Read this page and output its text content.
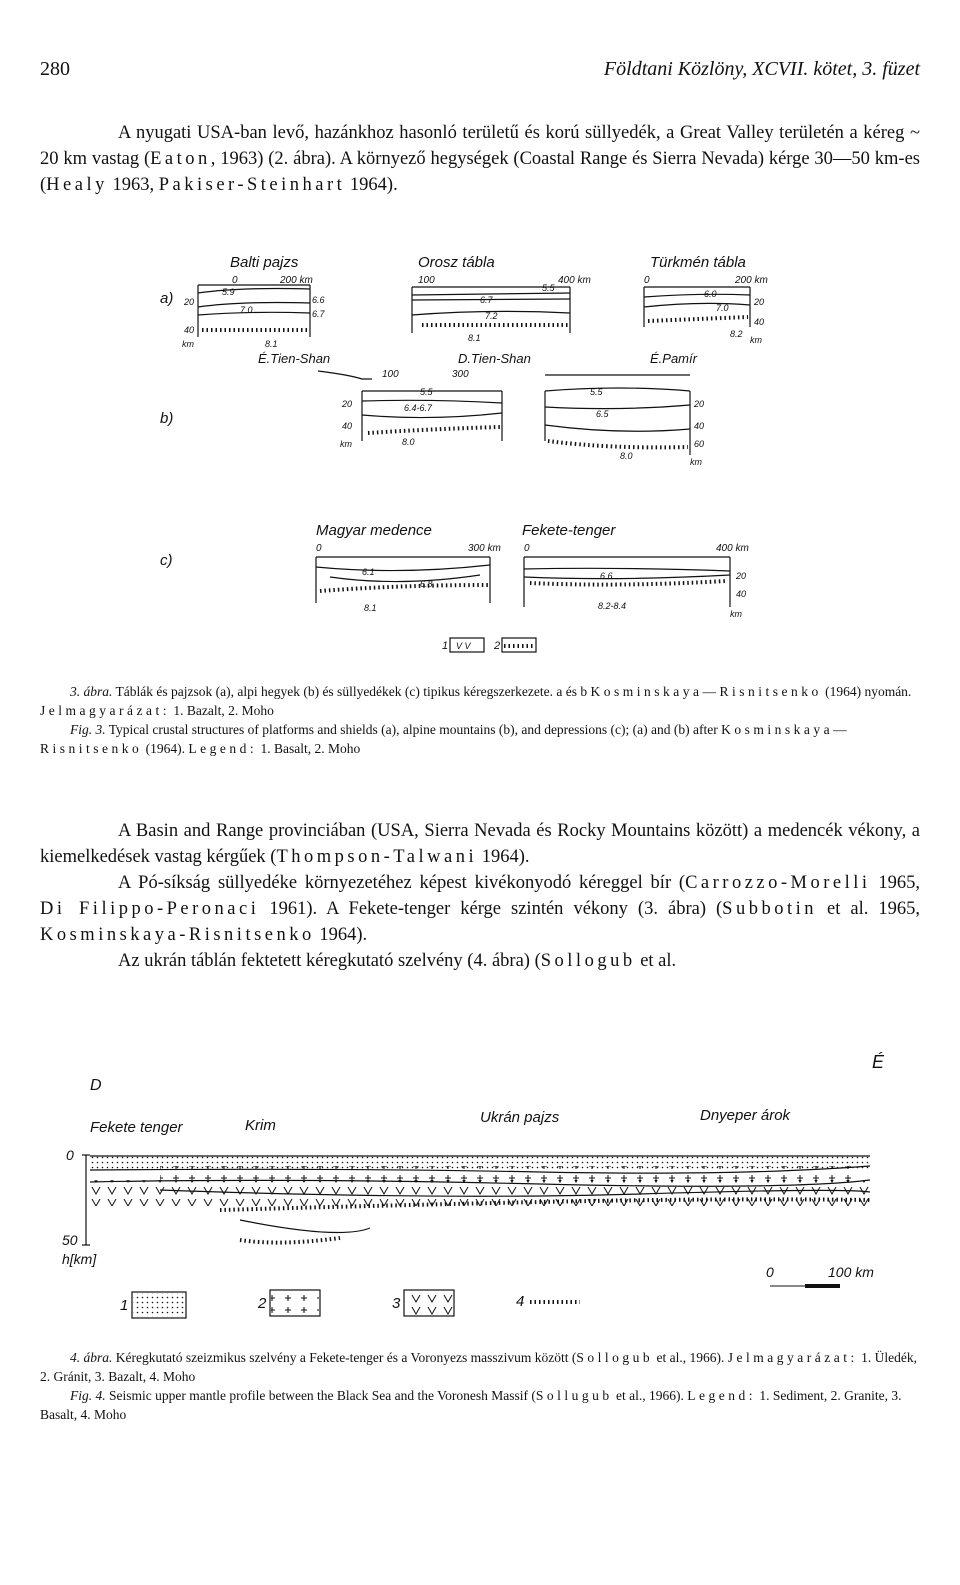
280	Földtani Közlöny, XCVII. kötet, 3. füzet

A nyugati USA-ban levő, hazánkhoz hasonló területű és korú süllyedék, a Great Valley területén a kéreg ~ 20 km vastag (Eaton, 1963) (2. ábra). A környező hegységek (Coastal Range és Sierra Nevada) kérge 30—50 km-es (Healy 1963, Pakiser-Steinhart 1964).

a)
b)
c)
Balti pajzs
0	200 km
5.9
6.6
7.0	6.7
8.1
20
40
km
É.Tien-Shan
Orosz tábla
100	400 km
5.5
6.7
7.2
8.1
D.Tien-Shan
Türkmén tábla
0	200 km
6.0
7.0
8.2
20
40
km
É.Pamír
100	300
5.5
6.4-6.7
8.0
20
40
km
5.5
6.5
8.0
20
40
60
km
Magyar medence
0	300 km
6.1
6.8
8.1
Fekete-tenger
0	400 km
6.6
8.2-8.4
20
40
km
1 V V 2

3. ábra. Táblák és pajzsok (a), alpi hegyek (b) és süllyedékek (c) tipikus kéregszerkezete. a és b Kosminskaya—Risnitsenko (1964) nyomán. Jelmagyarázat: 1. Bazalt, 2. Moho

Fig. 3. Typical crustal structures of platforms and shields (a), alpine mountains (b), and depressions (c); (a) and (b) after Kosminskaya—Risnitsenko (1964). Legend: 1. Basalt, 2. Moho

A Basin and Range provinciában (USA, Sierra Nevada és Rocky Mountains között) a medencék vékony, a kiemelkedések vastag kérgűek (Thompson-Talwani 1964).

A Pó-síkság süllyedéke környezetéhez képest kivékonyodó kéreggel bír (Carrozzo-Morelli 1965, Di Filippo-Peronaci 1961). A Fekete-tenger kérge szintén vékony (3. ábra) (Subbotin et al. 1965, Kosminskaya-Risnitsenko 1964).

Az ukrán táblán fektetett kéregkutató szelvény (4. ábra) (Sollogub et al.

D
É
Fekete tenger	Krim	Ukrán pajzs	Dnyeper árok
0
50
h[km]
0	100 km
1	2	3	4

4. ábra. Kéregkutató szeizmikus szelvény a Fekete-tenger és a Voronyezs masszivum között (Sollogub et al., 1966). Jelmagyarázat: 1. Üledék, 2. Gránit, 3. Bazalt, 4. Moho

Fig. 4. Seismic upper mantle profile between the Black Sea and the Voronesh Massif (Sollugub et al., 1966). Legend: 1. Sediment, 2. Granite, 3. Basalt, 4. Moho
